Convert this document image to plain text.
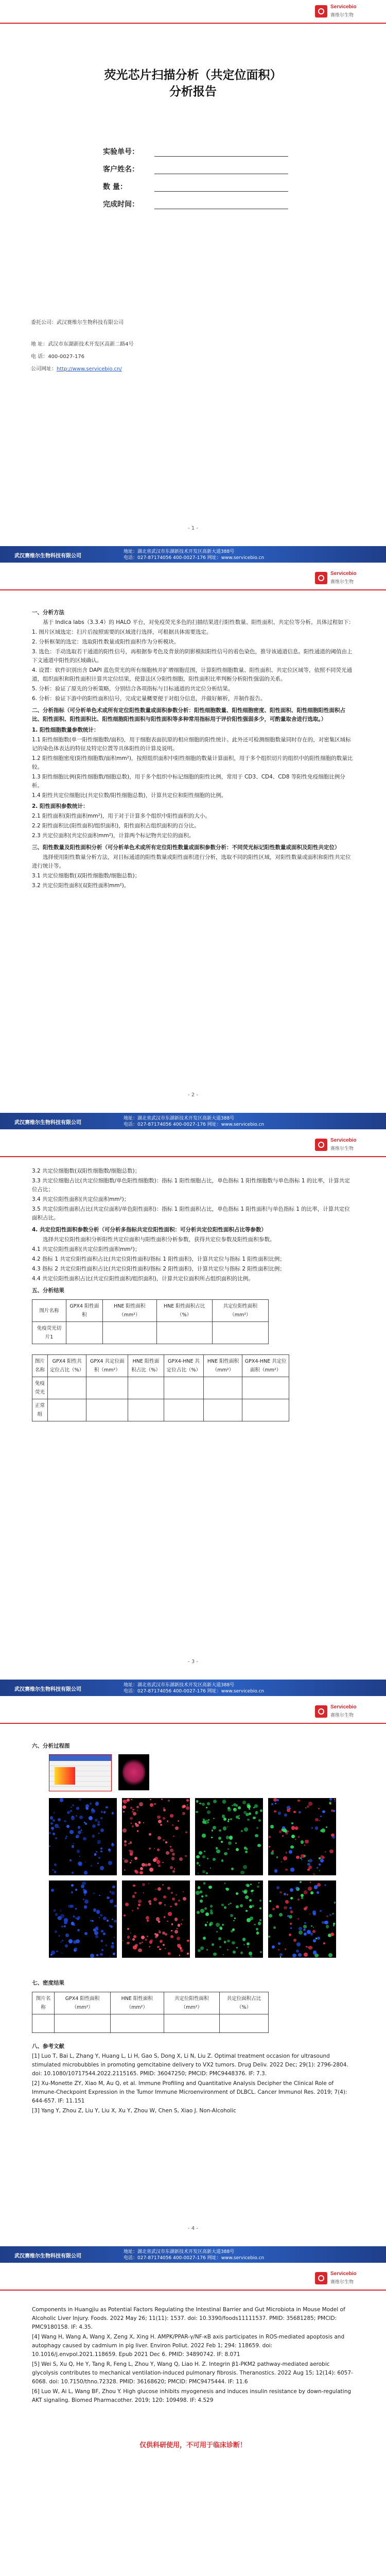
Servicebio
赛维尔生物
荧光芯片扫描分析（共定位面积）
分析报告
实验单号：
客户姓名：
数 量：
完成时间：
委托公司：武汉赛维尔生物科技有限公司
地 址：武汉市东湖新技术开发区高新二路4号
电 话：400-0027-176
公司网址：http://www.servicebio.cn/
- 1 -
武汉赛维尔生物科技有限公司
地址：湖北省武汉市东湖新技术开发区高新大道388号
电话：027-87174056 400-0027-176 网址：www.servicebio.cn
Servicebio
赛维尔生物

一、分析方法

基于 Indica labs（3.3.4）的 HALO 平台，对免疫荧光多色的扫描结果进行阳性数量、阳性面积、共定位等分析。具体过程如下：

1. 图片区域选定：扫片后按照需要的区域进行选择，可根据具体需要选定。

2. 分析框架的选定：选取阳性数量或阳性面积作为分析模块。

3. 选色：手动选取若干通道的阳性信号，再根据参考色及背景的阴影模拟阳性信号的着色染色，推导该通道信息。阳性通道的阈值由上下文通道中阳性的区域确认。

4. 设置：软件识别出含 DAPI 蓝色荧光的所有细胞核并扩增细胞范围，计算阳性细胞数量、阳性面积、共定位区域等，依照不同荧光通道，组织面积和阳性面积计算共定位结果，使算法区分阳性细胞，阳性面积比率判断分析阳性强弱的关系。

5. 分析：验证了原先的分析策略，分别结合各项指标与目标通道的共定位分析结果。

6. 分析：验证下游中的阳性面积信号，完成定量概要便于对组分信息，并做好解析，并制作报告。

二、分析指标（可分析单色术或所有定位阳性数量或面积参数分析：阳性细胞数量、阳性细胞密度、阳性面积、阳性细胞阳性面积占比、阳性面积、阳性面积比、阳性细胞阳性面积与阳性面积等多种常用指标用于评价阳性强弱多少，可酌量取舍进行选取。）

1. 阳性细胞数量参数统计：

1.1 阳性细胞数(单一阳性细胞数/面积)，用于细胞表面抗原的相应细胞的阳性统计。此外还可检测细胞数量同时存在的，对密集区域标记的染色体表达的特征及特定位置等具体阳性的计算及说明。

1.2 阳性细胞密度(阳性细胞数/面积mm²)，按照组织面积中阳性细胞的数量计算面积，用于多个组织切片的组织中的阳性细胞的数量比较。

1.3 阳性细胞比例(阳性细胞数/细胞总数)，用于多个组织中标记细胞的阳性比例，常用于 CD3、CD4、CD8 等阳性免疫细胞比例分析。

1.4 阳性共定位细胞比(共定位数/阳性细胞总数)，计算共定位和阳性细胞的比例。

2. 阳性面积参数统计：

2.1 阳性面积(阳性面积mm²)，用于对于计算多个组织中阳性面积的大小。

2.2 阳性面积比(阳性面积/组织面积)，阳性面积占组织面积的百分比。

2.3 共定位面积(共定位面积mm²)，计算两个标记物共定位的面积。

三、阳性数量及阳性面积分析（可分析单色术或所有定位阳性数量或面积参数分析：不同荧光标记阳性数量或面积及阳性共定位）

选择使用阳性数量分析方法，对目标通道的阳性数量或阳性面积进行分析，选取不同的阳性区域，对阳性数量或面积和阳性共定位进行统计等。

3.1 共定位细胞数(双阳性细胞数/细胞总数)；

3.2 共定位阳性面积(双阳性面积mm²)。

- 2 -
武汉赛维尔生物科技有限公司
地址：湖北省武汉市东湖新技术开发区高新大道388号
电话：027-87174056 400-0027-176 网址：www.servicebio.cn
Servicebio
赛维尔生物

3.2 共定位细胞数(双阳性细胞数/细胞总数)；

3.3 共定位细胞占比(共定位细胞数/单色阳性细胞数)：指标 1 阳性细胞占比，单色指标 1 阳性细胞数与单色指标 1 的比率，计算共定位占比；

3.4 共定位阳性面积(共定位面积mm²)；

3.5 共定位阳性面积占比(共定位面积/单色阳性面积)：指标 1 阳性面积占比，单色指标 1 阳性面积与单色指标 1 的比率，计算共定位面积占比。

4. 共定位阳性面积参数分析（可分析多指标共定位阳性面积：可分析共定位阳性面积占比等参数）

选择共定位阳性面积分析阳性共定位面积与阳性面积分析参数，获得共定位参数及阳性面积参数。

4.1 共定位阳性面积(共定位阳性面积mm²)；

4.2 指标 1 共定位阳性面积占比(共定位阳性面积/指标 1 阳性面积)，计算共定位与指标 1 阳性面积比例；

4.3 指标 2 共定位阳性面积占比(共定位阳性面积/指标 2 阳性面积)，计算共定位与指标 2 阳性面积比例；

4.4 共定位阳性面积占比(共定位阳性面积/组织面积)，计算共定位面积所占组织面积的比例。

五、分析结果

图片名称	GPX4 阳性面积	HNE 阳性面积（mm²）	HNE 阳性面积占比（%）	共定位阳性面积（mm²）
免疫荧光切片1				
图片名称	GPX4 阳性共定位占比（%）	GPX4 共定位面积（mm²）	HNE 阳性面积占比（%）	GPX4-HNE 共定位占比（%）	HNE 阳性面积（mm²）	GPX4-HNE 共定位面积（mm²）
免疫荧光						
正常组						
- 3 -
武汉赛维尔生物科技有限公司
地址：湖北省武汉市东湖新技术开发区高新大道388号
电话：027-87174056 400-0027-176 网址：www.servicebio.cn
Servicebio
赛维尔生物

六、分析过程图

七、密度结果

图片名称	GPX4 阳性面积（mm²）	HNE 阳性面积（mm²）	共定位阳性面积（mm²）	共定位面积占比（%）

八、参考文献

[1] Luo T, Bai L, Zhang Y, Huang L, Li H, Gao S, Dong X, Li N, Liu Z. Optimal treatment occasion for ultrasound stimulated microbubbles in promoting gemcitabine delivery to VX2 tumors. Drug Deliv. 2022 Dec; 29(1): 2796-2804. doi: 10.1080/10717544.2022.2115165. PMID: 36047250; PMCID: PMC9448376. IF: 7.3.

[2] Xu-Monette ZY, Xiao M, Au Q, et al. Immune Profiling and Quantitative Analysis Decipher the Clinical Role of Immune-Checkpoint Expression in the Tumor Immune Microenvironment of DLBCL. Cancer Immunol Res. 2019; 7(4): 644-657. IF: 11.151

[3] Yang Y, Zhou Z, Liu Y, Liu X, Xu Y, Zhou W, Chen S, Xiao J. Non-Alcoholic

- 4 -
武汉赛维尔生物科技有限公司
地址：湖北省武汉市东湖新技术开发区高新大道388号
电话：027-87174056 400-0027-176 网址：www.servicebio.cn
Servicebio
赛维尔生物

Components in Huangjiu as Potential Factors Regulating the Intestinal Barrier and Gut Microbiota in Mouse Model of Alcoholic Liver Injury. Foods. 2022 May 26; 11(11): 1537. doi: 10.3390/foods11111537. PMID: 35681285; PMCID: PMC9180158. IF: 4.35.

[4] Wang H, Wang A, Wang X, Zeng X, Xing H. AMPK/PPAR-γ/NF-κB axis participates in ROS-mediated apoptosis and autophagy caused by cadmium in pig liver. Environ Pollut. 2022 Feb 1; 294: 118659. doi: 10.1016/j.envpol.2021.118659. Epub 2021 Dec 6. PMID: 34890742. IF: 8.071

[5] Wei S, Xu Q, He Y, Tang R, Feng L, Zhou Y, Wang Q, Liao H. Z. Integrin β1-PKM2 pathway-mediated aerobic glycolysis contributes to mechanical ventilation-induced pulmonary fibrosis. Theranostics. 2022 Aug 15; 12(14): 6057-6068. doi: 10.7150/thno.72328. PMID: 36168620; PMCID: PMC9475444. IF: 11.6

[6] Luo W, Ai L, Wang BF, Zhou Y. High glucose inhibits myogenesis and induces insulin resistance by down-regulating AKT signaling. Biomed Pharmacother. 2019; 120: 109498. IF: 4.529

仅供科研使用，不可用于临床诊断！
